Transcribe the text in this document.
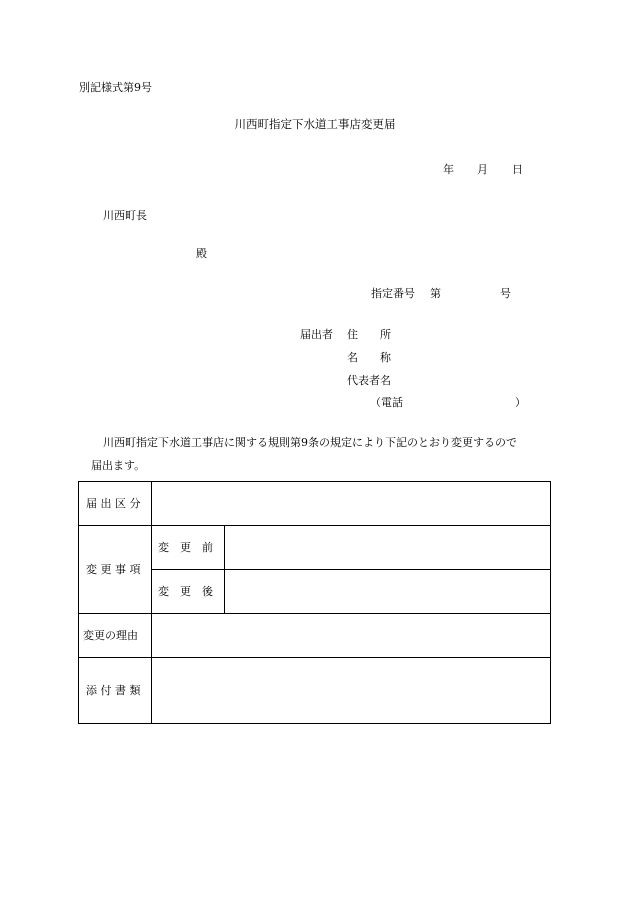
別記様式第9号
川西町指定下水道工事店変更届
年 月 日
川西町長
殿
指定番号 第	号
届出者 住　　所
名　　称
代表者名
（電話	）
川西町指定下水道工事店に関する規則第9条の規定により下記のとおり変更するので
届出ます。
届 出 区 分
変 更 事 項
変　更　前
変　更　後
変更の理由
添 付 書 類
